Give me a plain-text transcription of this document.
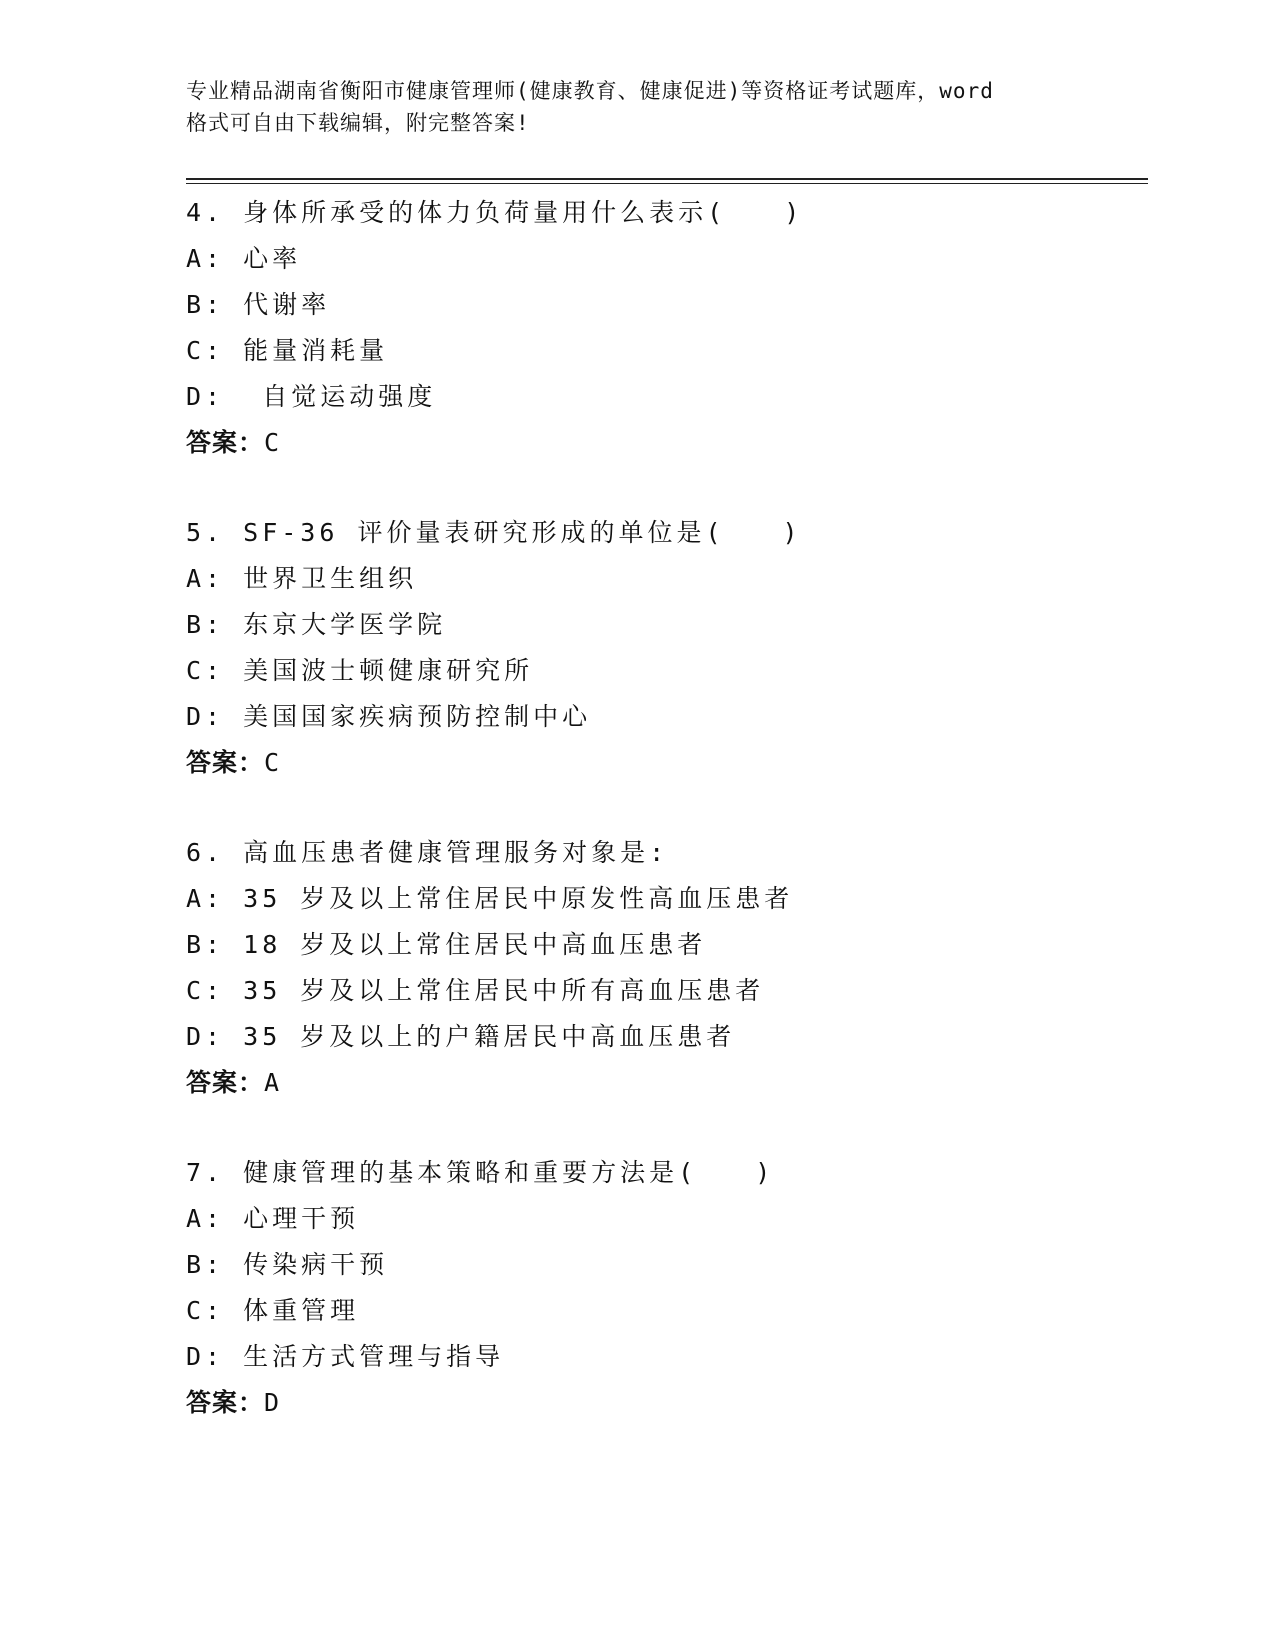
专业精品湖南省衡阳市健康管理师(健康教育、健康促进)等资格证考试题库，word
格式可自由下载编辑，附完整答案!
4. 身体所承受的体力负荷量用什么表示(　　)
A: 心率
B: 代谢率
C: 能量消耗量
D:  自觉运动强度
答案：C
5. SF-36 评价量表研究形成的单位是(　　)
A: 世界卫生组织
B: 东京大学医学院
C: 美国波士顿健康研究所
D: 美国国家疾病预防控制中心
答案：C
6. 高血压患者健康管理服务对象是:
A: 35 岁及以上常住居民中原发性高血压患者
B: 18 岁及以上常住居民中高血压患者
C: 35 岁及以上常住居民中所有高血压患者
D: 35 岁及以上的户籍居民中高血压患者
答案：A
7. 健康管理的基本策略和重要方法是(　　)
A: 心理干预
B: 传染病干预
C: 体重管理
D: 生活方式管理与指导
答案：D
